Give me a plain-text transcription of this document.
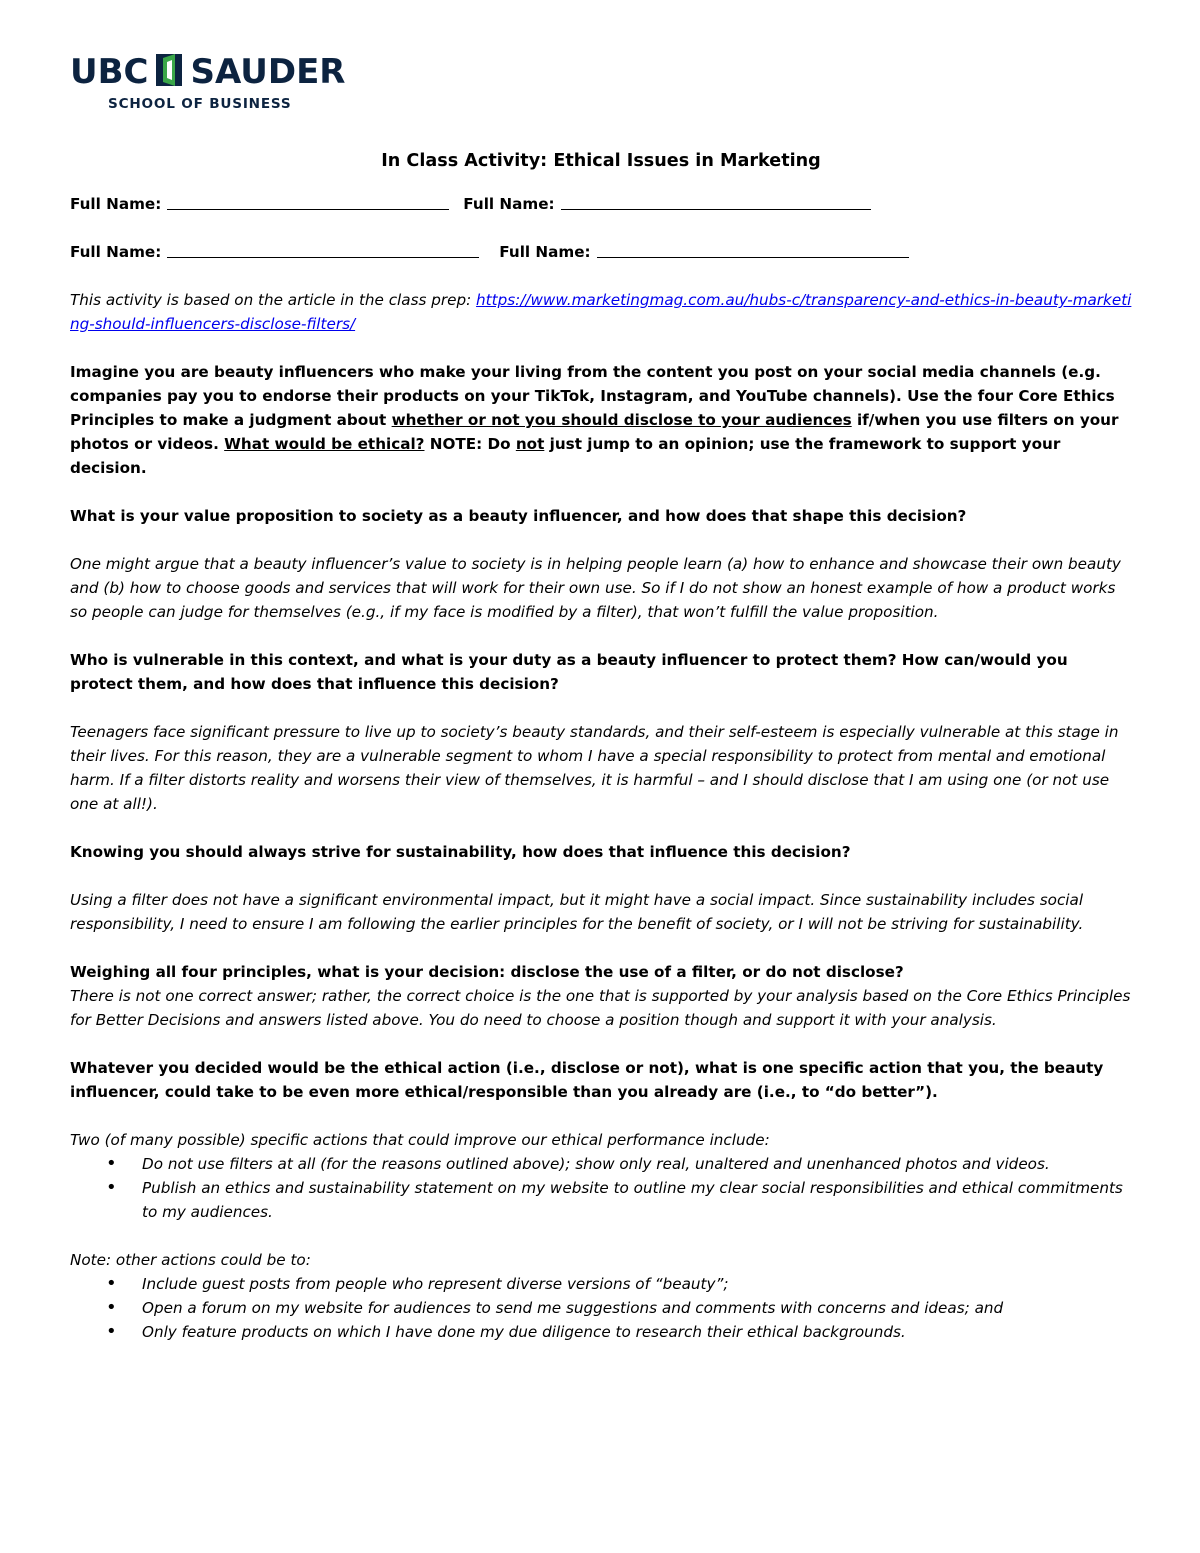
UBC SAUDER
SCHOOL OF BUSINESS
In Class Activity: Ethical Issues in Marketing
Full Name:	Full Name:
Full Name:	Full Name:

This activity is based on the article in the class prep: https://www.marketingmag.com.au/hubs-c/transparency-and-ethics-in-beauty-marketing-should-influencers-disclose-filters/

Imagine you are beauty influencers who make your living from the content you post on your social media channels (e.g. companies pay you to endorse their products on your TikTok, Instagram, and YouTube channels). Use the four Core Ethics Principles to make a judgment about whether or not you should disclose to your audiences if/when you use filters on your photos or videos. What would be ethical? NOTE: Do not just jump to an opinion; use the framework to support your decision.

What is your value proposition to society as a beauty influencer, and how does that shape this decision?

One might argue that a beauty influencer’s value to society is in helping people learn (a) how to enhance and showcase their own beauty and (b) how to choose goods and services that will work for their own use. So if I do not show an honest example of how a product works so people can judge for themselves (e.g., if my face is modified by a filter), that won’t fulfill the value proposition.

Who is vulnerable in this context, and what is your duty as a beauty influencer to protect them? How can/would you protect them, and how does that influence this decision?

Teenagers face significant pressure to live up to society’s beauty standards, and their self-esteem is especially vulnerable at this stage in their lives. For this reason, they are a vulnerable segment to whom I have a special responsibility to protect from mental and emotional harm. If a filter distorts reality and worsens their view of themselves, it is harmful – and I should disclose that I am using one (or not use one at all!).

Knowing you should always strive for sustainability, how does that influence this decision?

Using a filter does not have a significant environmental impact, but it might have a social impact. Since sustainability includes social responsibility, I need to ensure I am following the earlier principles for the benefit of society, or I will not be striving for sustainability.

Weighing all four principles, what is your decision: disclose the use of a filter, or do not disclose?

There is not one correct answer; rather, the correct choice is the one that is supported by your analysis based on the Core Ethics Principles for Better Decisions and answers listed above. You do need to choose a position though and support it with your analysis.

Whatever you decided would be the ethical action (i.e., disclose or not), what is one specific action that you, the beauty influencer, could take to be even more ethical/responsible than you already are (i.e., to “do better”).

Two (of many possible) specific actions that could improve our ethical performance include:

• Do not use filters at all (for the reasons outlined above); show only real, unaltered and unenhanced photos and videos.
• Publish an ethics and sustainability statement on my website to outline my clear social responsibilities and ethical commitments to my audiences.

Note: other actions could be to:

• Include guest posts from people who represent diverse versions of “beauty”;
• Open a forum on my website for audiences to send me suggestions and comments with concerns and ideas; and
• Only feature products on which I have done my due diligence to research their ethical backgrounds.
